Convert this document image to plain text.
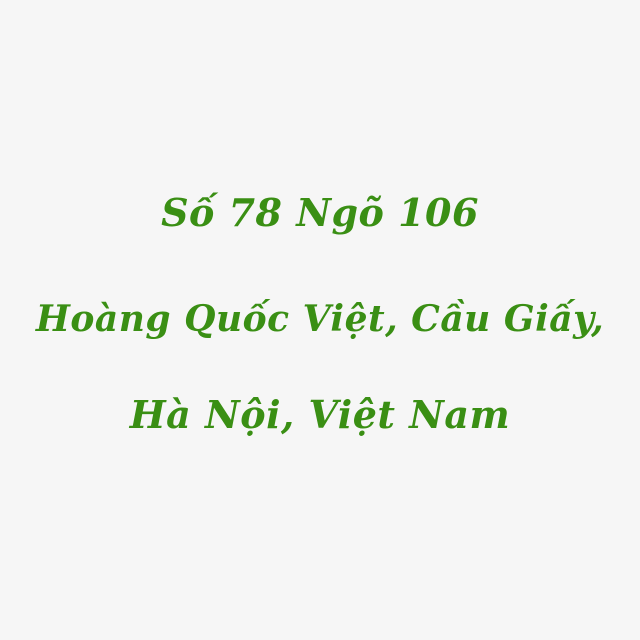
Số 78 Ngõ 106
Hoàng Quốc Việt, Cầu Giấy,
Hà Nội, Việt Nam
